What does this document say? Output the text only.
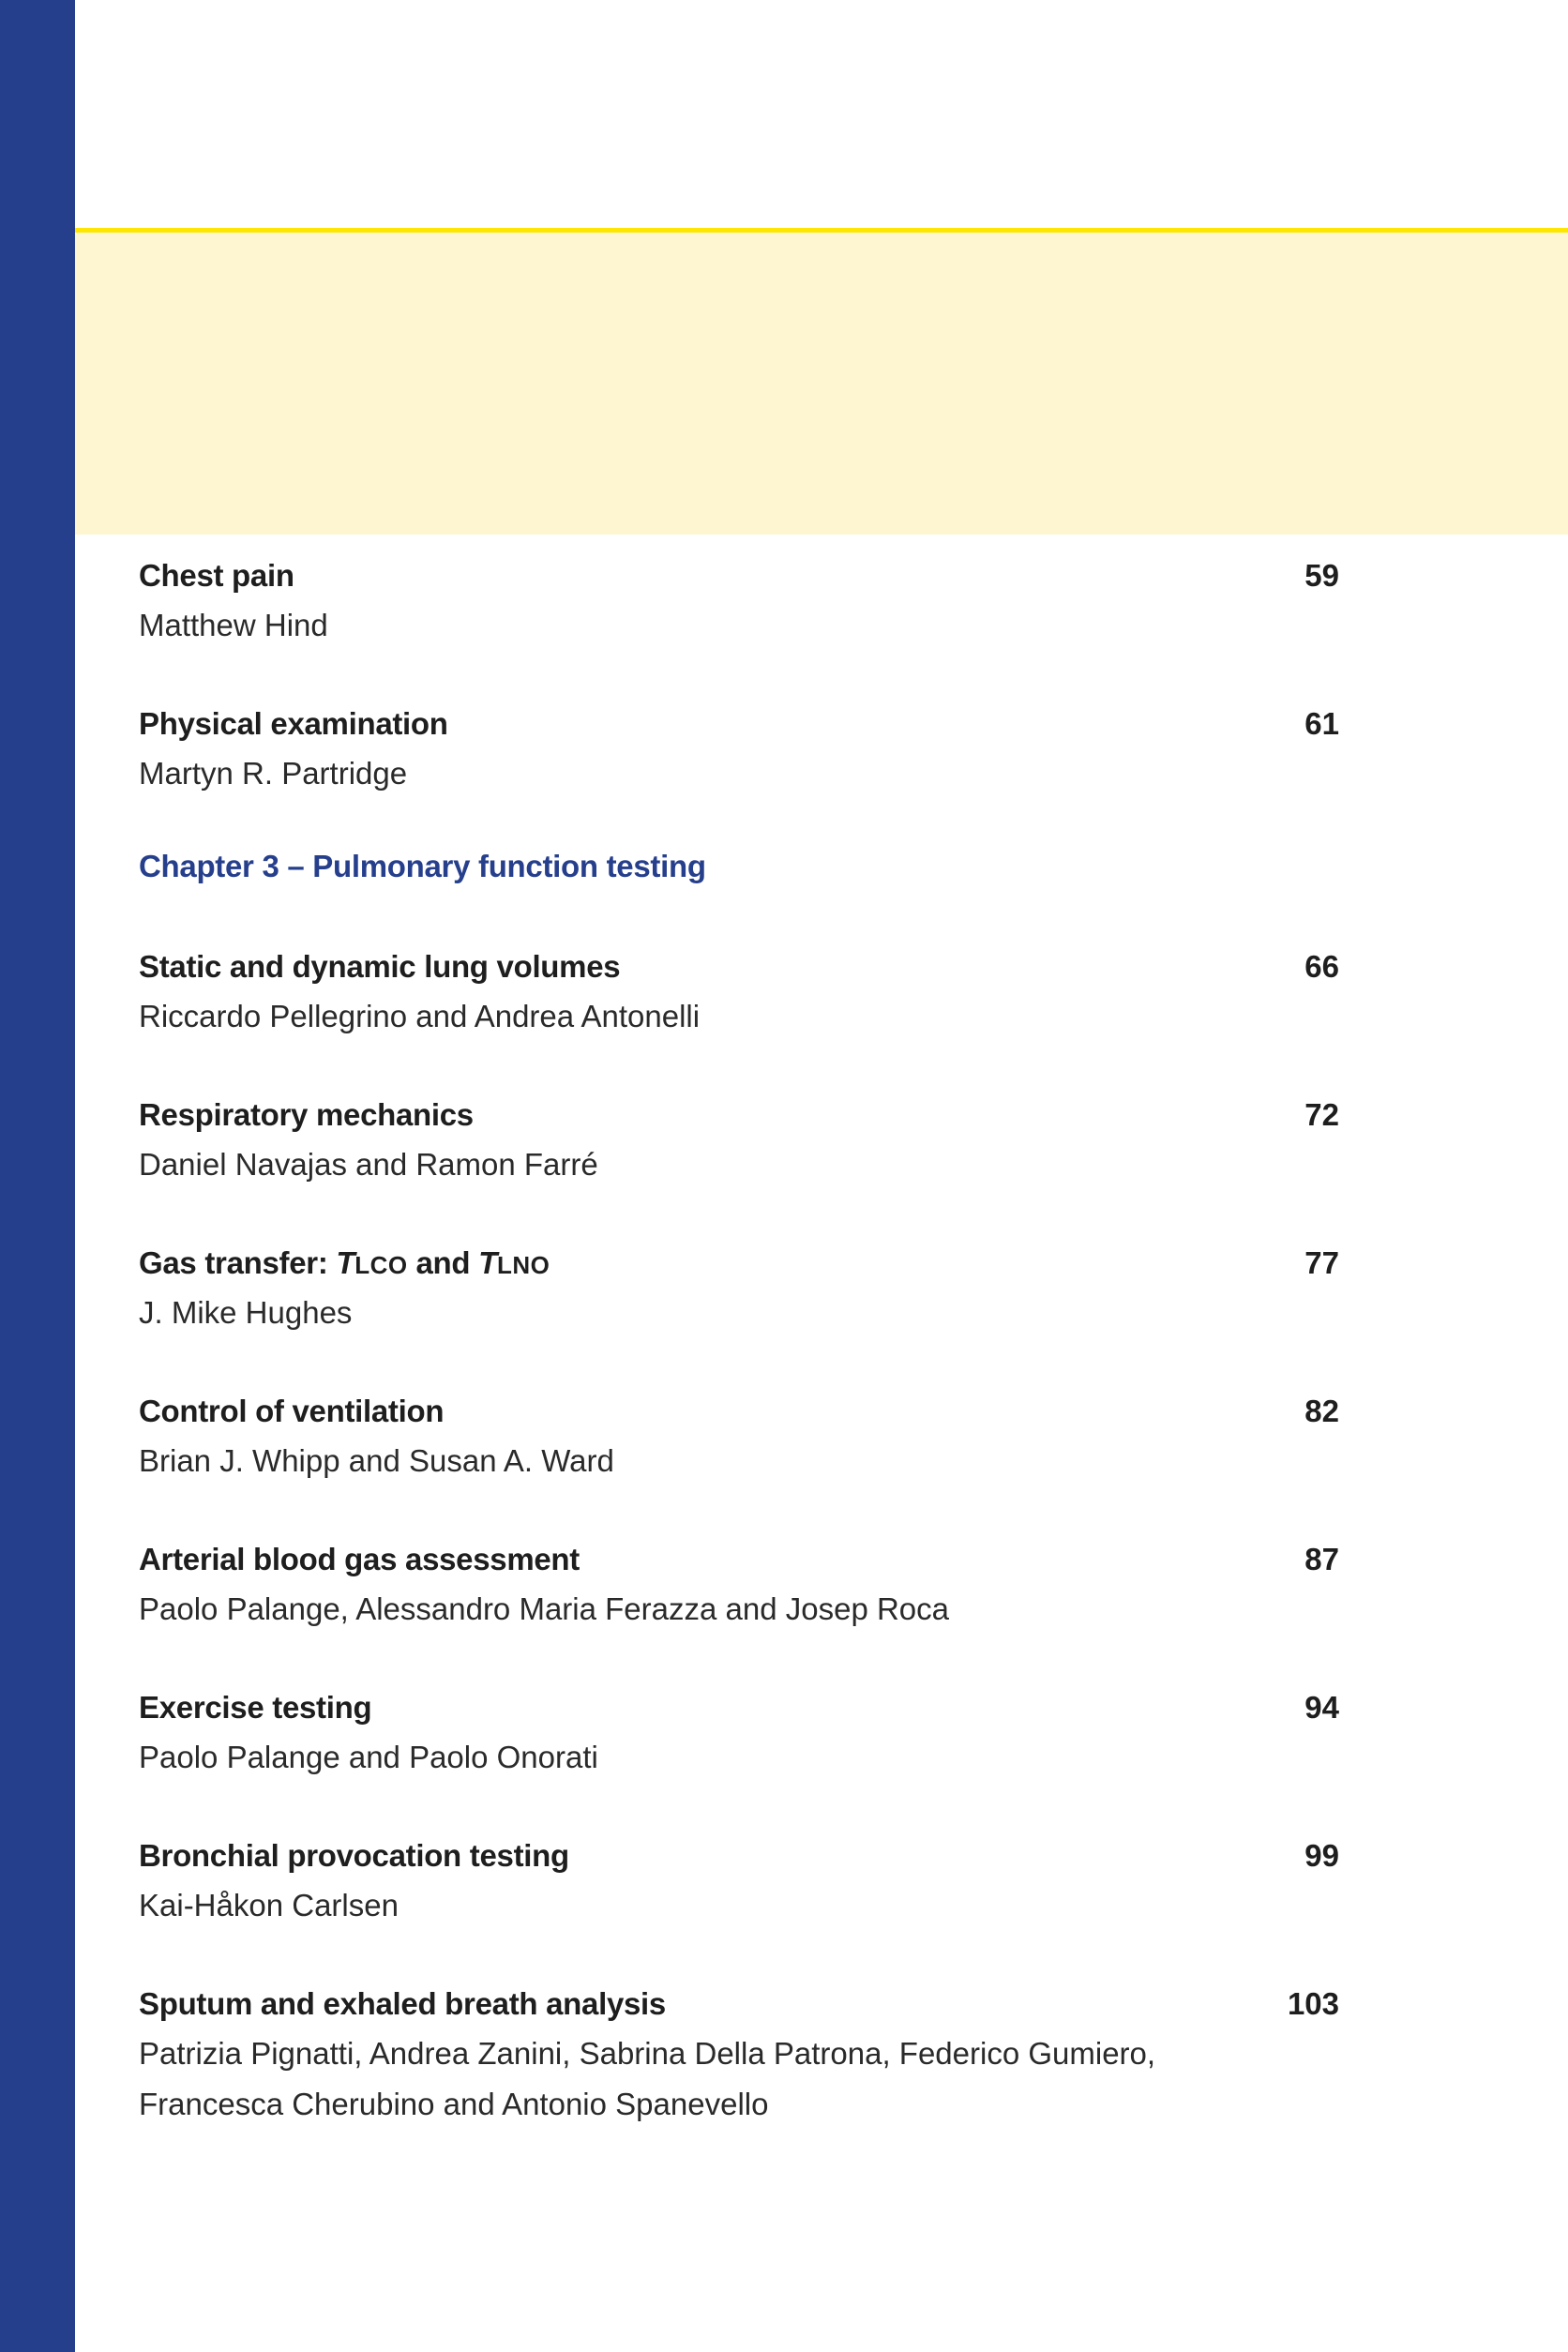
Chest pain	59
Matthew Hind
Physical examination	61
Martyn R. Partridge
Chapter 3 – Pulmonary function testing
Static and dynamic lung volumes	66
Riccardo Pellegrino and Andrea Antonelli
Respiratory mechanics	72
Daniel Navajas and Ramon Farré
Gas transfer: TLCO and TLNO	77
J. Mike Hughes
Control of ventilation	82
Brian J. Whipp and Susan A. Ward
Arterial blood gas assessment	87
Paolo Palange, Alessandro Maria Ferazza and Josep Roca
Exercise testing	94
Paolo Palange and Paolo Onorati
Bronchial provocation testing	99
Kai-Håkon Carlsen
Sputum and exhaled breath analysis	103
Patrizia Pignatti, Andrea Zanini, Sabrina Della Patrona, Federico Gumiero,
Francesca Cherubino and Antonio Spanevello
